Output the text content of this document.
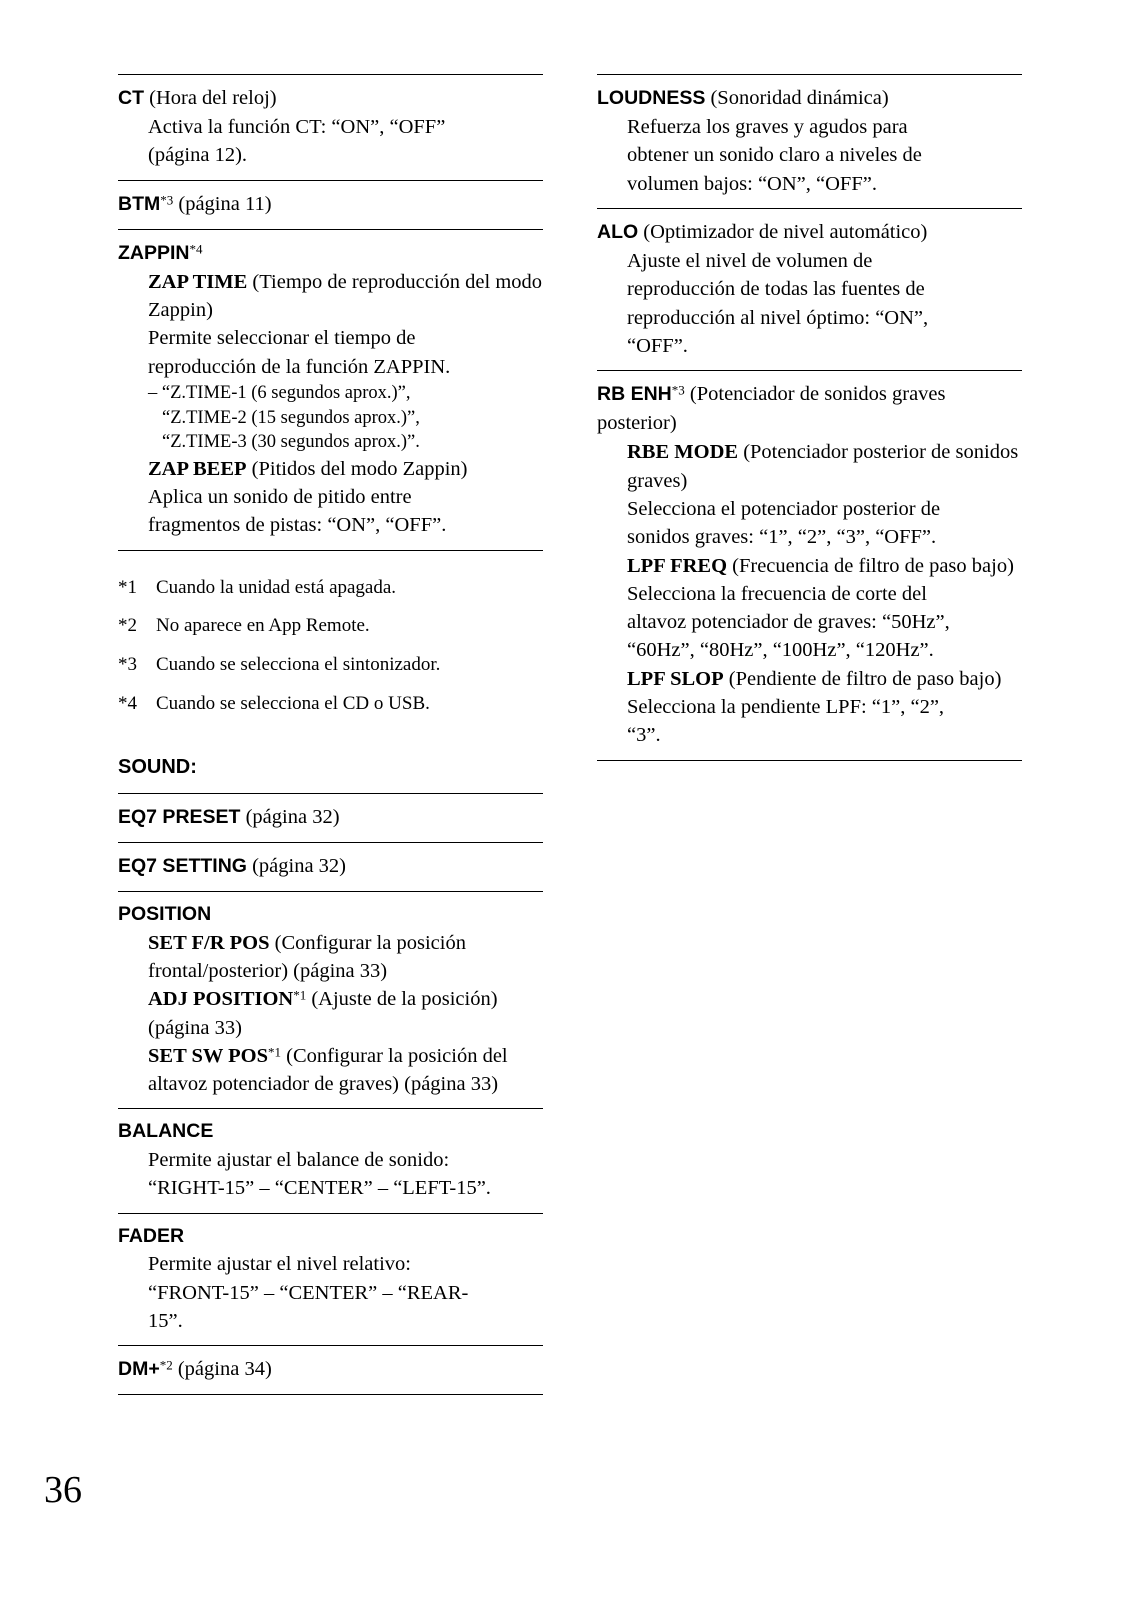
CT (Hora del reloj)
Activa la función CT: “ON”, “OFF”
(página 12).
BTM$^{*3}$ (página 11)
ZAPPIN$^{*4}$
ZAP TIME (Tiempo de reproducción del modo Zappin)
Permite seleccionar el tiempo de
reproducción de la función ZAPPIN.
– “Z.TIME-1 (6 segundos aprox.)”,
“Z.TIME-2 (15 segundos aprox.)”,
“Z.TIME-3 (30 segundos aprox.)”.
ZAP BEEP (Pitidos del modo Zappin)
Aplica un sonido de pitido entre
fragmentos de pistas: “ON”, “OFF”.
*1	Cuando la unidad está apagada.
*2	No aparece en App Remote.
*3	Cuando se selecciona el sintonizador.
*4	Cuando se selecciona el CD o USB.
SOUND:
EQ7 PRESET (página 32)
EQ7 SETTING (página 32)
POSITION
SET F/R POS (Configurar la posición frontal/posterior) (página 33)
ADJ POSITION$^{*1}$ (Ajuste de la posición) (página 33)
SET SW POS$^{*1}$ (Configurar la posición del altavoz potenciador de graves) (página 33)
BALANCE
Permite ajustar el balance de sonido:
“RIGHT-15” – “CENTER” – “LEFT-15”.
FADER
Permite ajustar el nivel relativo:
“FRONT-15” – “CENTER” – “REAR-
15”.
DM+$^{*2}$ (página 34)
LOUDNESS (Sonoridad dinámica)
Refuerza los graves y agudos para
obtener un sonido claro a niveles de
volumen bajos: “ON”, “OFF”.
ALO (Optimizador de nivel automático)
Ajuste el nivel de volumen de
reproducción de todas las fuentes de
reproducción al nivel óptimo: “ON”,
“OFF”.
RB ENH$^{*3}$ (Potenciador de sonidos graves posterior)
RBE MODE (Potenciador posterior de sonidos graves)
Selecciona el potenciador posterior de
sonidos graves: “1”, “2”, “3”, “OFF”.
LPF FREQ (Frecuencia de filtro de paso bajo)
Selecciona la frecuencia de corte del
altavoz potenciador de graves: “50Hz”,
“60Hz”, “80Hz”, “100Hz”, “120Hz”.
LPF SLOP (Pendiente de filtro de paso bajo)
Selecciona la pendiente LPF: “1”, “2”,
“3”.
36
